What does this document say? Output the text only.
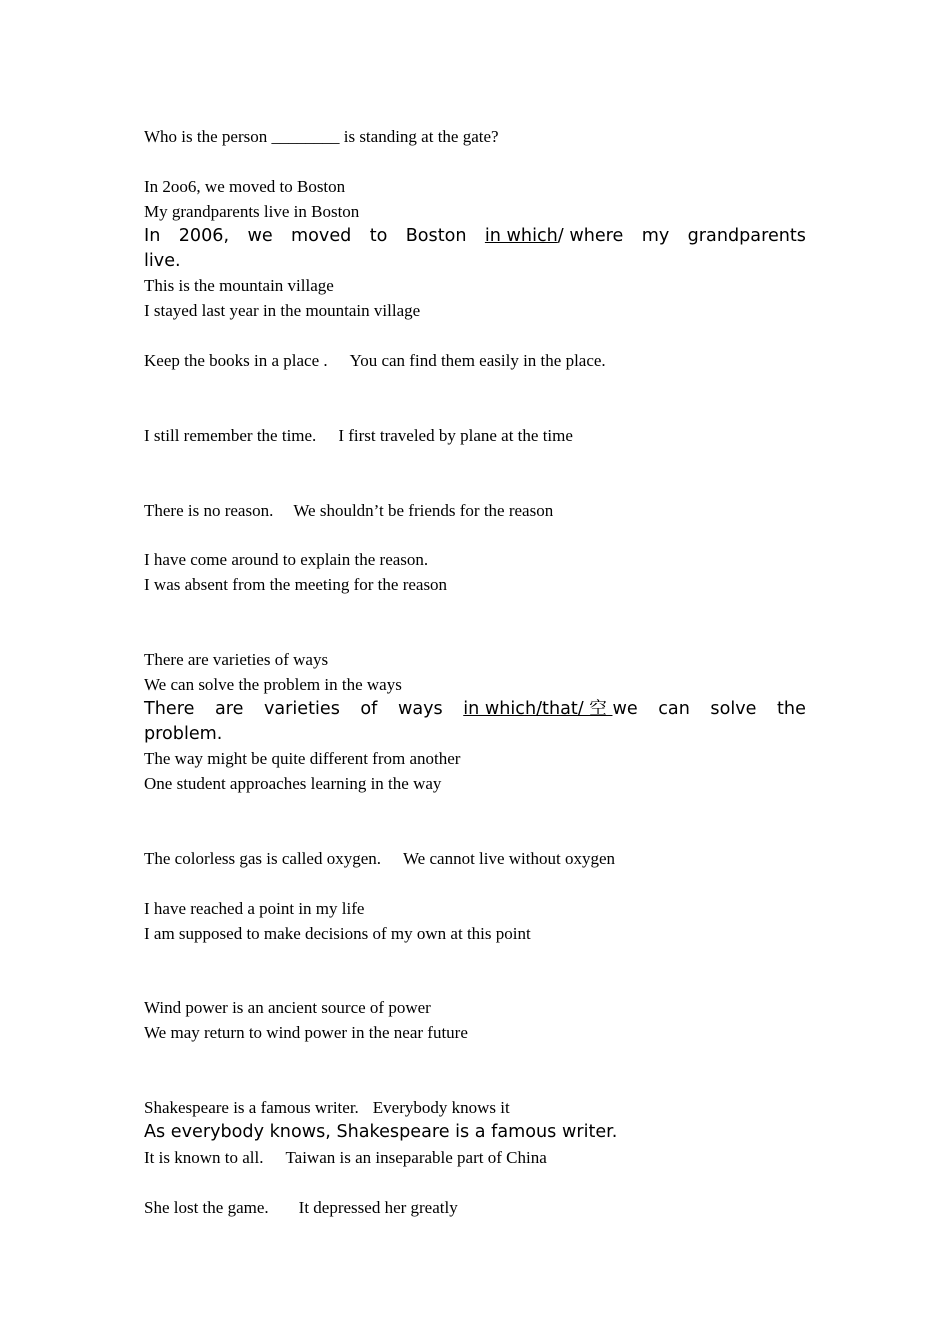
Who is the person ________ is standing at the gate?
In 2oo6, we moved to Boston
My grandparents live in Boston
In 2006, we moved to Boston in which/ where my grandparents
live.
This is the mountain village
I stayed last year in the mountain village
Keep the books in a place . You can find them easily in the place.
I still remember the time. I first traveled by plane at the time
There is no reason. We shouldn’t be friends for the reason
I have come around to explain the reason.
I was absent from the meeting for the reason
There are varieties of ways
We can solve the problem in the ways
There are varieties of ways in which/that/ 空 we can solve the
problem.
The way might be quite different from another
One student approaches learning in the way
The colorless gas is called oxygen. We cannot live without oxygen
I have reached a point in my life
I am supposed to make decisions of my own at this point
Wind power is an ancient source of power
We may return to wind power in the near future
Shakespeare is a famous writer. Everybody knows it
As everybody knows, Shakespeare is a famous writer.
It is known to all. Taiwan is an inseparable part of China
She lost the game. It depressed her greatly
